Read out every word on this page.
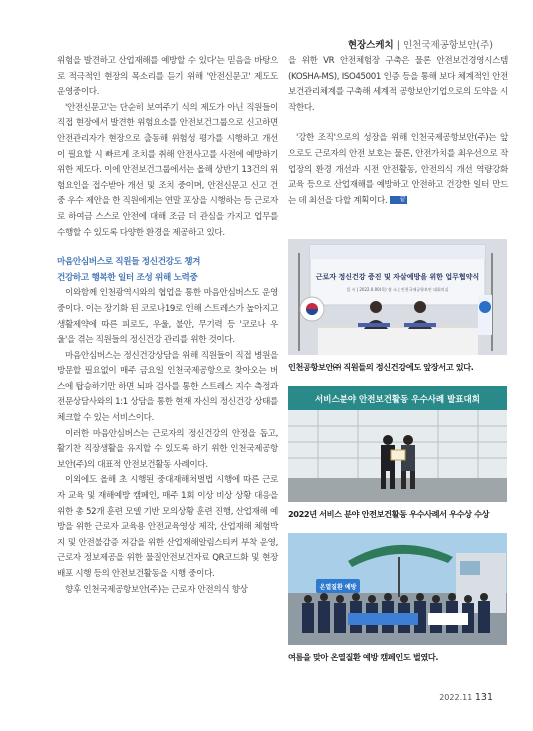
현장스케치 | 인천국제공항보안(주)

위험을 발견하고 산업재해를 예방할 수 있다'는 믿음을 바탕으로 적극적인 현장의 목소리를 듣기 위해 '안전신문고' 제도도 운영중이다.

'안전신문고'는 단순히 보여주기 식의 제도가 아닌 직원들이 직접 현장에서 발견한 위험요소를 안전보건그룹으로 신고하면 안전관리자가 현장으로 출동해 위험성 평가를 시행하고 개선이 필요할 시 빠르게 조치를 취해 안전사고를 사전에 예방하기 위한 제도다. 이에 안전보건그룹에서는 올해 상반기 13건의 위험요인을 접수받아 개선 및 조치 중이며, 안전신문고 신고 건 중 우수 제안을 한 직원에게는 연말 포상을 시행하는 등 근로자로 하여금 스스로 안전에 대해 조금 더 관심을 가지고 업무를 수행할 수 있도록 다양한 환경을 제공하고 있다.

마음안심버스로 직원들 정신건강도 챙겨

건강하고 행복한 일터 조성 위해 노력중

이와함께 인천광역시와의 협업을 통한 마음안심버스도 운영 중이다. 이는 장기화 된 코로나19로 인해 스트레스가 높아지고 생활제약에 따른 피로도, 우울, 불안, 무기력 등 '코로나 우울'을 겪는 직원들의 정신건강 관리를 위한 것이다.

마음안심버스는 정신건강상담을 위해 직원들이 직접 병원을 방문할 필요없이 매주 금요일 인천국제공항으로 찾아오는 버스에 탑승하기만 하면 뇌파 검사를 통한 스트레스 지수 측정과 전문상담사와의 1:1 상담을 통한 현재 자신의 정신건강 상태를 체크할 수 있는 서비스이다.

이러한 마음안심버스는 근로자의 정신건강의 안정을 돕고, 활기찬 직장생활을 유지할 수 있도록 하기 위한 인천국제공항보안(주)의 대표적 안전보건활동 사례이다.

이외에도 올해 초 시행된 중대재해처벌법 시행에 따른 근로자 교육 및 재해예방 캠페인, 매주 1회 이상 비상 상황 대응을 위한 총 52개 훈련 모델 기반 모의상황 훈련 진행, 산업재해 예방을 위한 근로자 교육용 안전교육영상 제작, 산업재해 체험박지 및 안전불감증 저감을 위한 산업재해알림스티커 부착 운영, 근로자 정보제공을 위한 물질안전보건자료 QR코드화 및 현장 배포 시행 등의 안전보건활동을 시행 중이다.

향후 인천국제공항보안(주)는 근로자 안전의식 향상

을 위한 VR 안전체험장 구축은 물론 안전보건경영시스템(KOSHA-MS), ISO45001 인증 등을 통해 보다 체계적인 안전보건관리체계를 구축해 세계적 공항보안기업으로의 도약을 시작한다.

'강한 조직'으로의 성장을 위해 인천국제공항보안(주)는 앞으로도 근로자의 안전 보호는 물론, 안전가치를 최우선으로 작업장의 환경 개선과 시전 안전활동, 안전의식 개선 역량강화 교육 등으로 산업재해를 예방하고 안전하고 건강한 일터 만드는 데 최선을 다할 계획이다. 끝

근로자 정신건강 증진 및 자살예방을 위한 업무협약식
일 시 | 2022.0.00(목) 장 소 | 인천국제공항보안 대회의실
인천공항보안㈜ 직원들의 정신건강에도 앞장서고 있다.
서비스분야 안전보건활동 우수사례 발표대회
2022년 서비스 분야 안전보건활동 우수사례서 우수상 수상
온열질환 예방
여름을 맞아 온열질환 예방 캠페인도 벌였다.
2022.11 131
